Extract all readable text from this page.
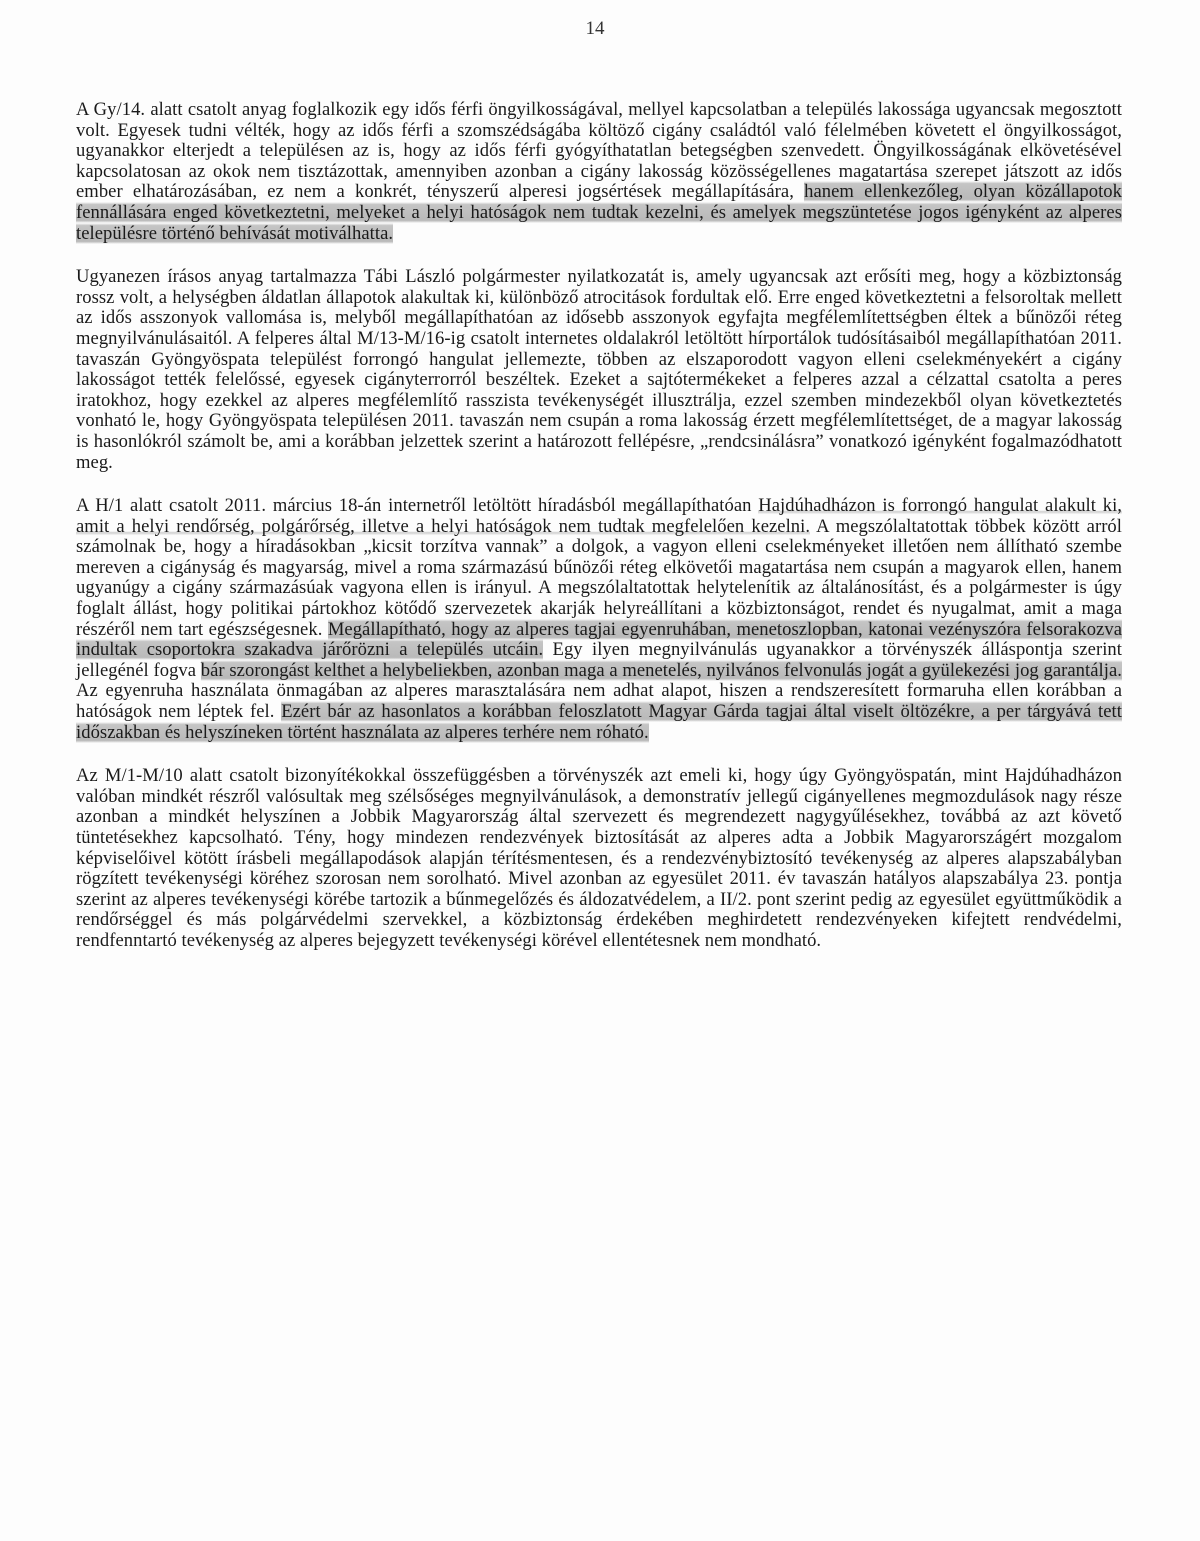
14

A Gy/14. alatt csatolt anyag foglalkozik egy idős férfi öngyilkosságával, mellyel kapcsolatban a település lakossága ugyancsak megosztott volt. Egyesek tudni vélték, hogy az idős férfi a szomszédságába költöző cigány családtól való félelmében követett el öngyilkosságot, ugyanakkor elterjedt a településen az is, hogy az idős férfi gyógyíthatatlan betegségben szenvedett. Öngyilkosságának elkövetésével kapcsolatosan az okok nem tisztázottak, amennyiben azonban a cigány lakosság közösségellenes magatartása szerepet játszott az idős ember elhatározásában, ez nem a konkrét, tényszerű alperesi jogsértések megállapítására, hanem ellenkezőleg, olyan közállapotok fennállására enged következtetni, melyeket a helyi hatóságok nem tudtak kezelni, és amelyek megszüntetése jogos igényként az alperes településre történő behívását motiválhatta.

Ugyanezen írásos anyag tartalmazza Tábi László polgármester nyilatkozatát is, amely ugyancsak azt erősíti meg, hogy a közbiztonság rossz volt, a helységben áldatlan állapotok alakultak ki, különböző atrocitások fordultak elő. Erre enged következtetni a felsoroltak mellett az idős asszonyok vallomása is, melyből megállapíthatóan az idősebb asszonyok egyfajta megfélemlítettségben éltek a bűnözői réteg megnyilvánulásaitól. A felperes által M/13-M/16-ig csatolt internetes oldalakról letöltött hírportálok tudósításaiból megállapíthatóan 2011. tavaszán Gyöngyöspata települést forrongó hangulat jellemezte, többen az elszaporodott vagyon elleni cselekményekért a cigány lakosságot tették felelőssé, egyesek cigányterrorról beszéltek. Ezeket a sajtótermékeket a felperes azzal a célzattal csatolta a peres iratokhoz, hogy ezekkel az alperes megfélemlítő rasszista tevékenységét illusztrálja, ezzel szemben mindezekből olyan következtetés vonható le, hogy Gyöngyöspata településen 2011. tavaszán nem csupán a roma lakosság érzett megfélemlítettséget, de a magyar lakosság is hasonlókról számolt be, ami a korábban jelzettek szerint a határozott fellépésre, „rendcsinálásra” vonatkozó igényként fogalmazódhatott meg.

A H/1 alatt csatolt 2011. március 18-án internetről letöltött híradásból megállapíthatóan Hajdúhadházon is forrongó hangulat alakult ki, amit a helyi rendőrség, polgárőrség, illetve a helyi hatóságok nem tudtak megfelelően kezelni. A megszólaltatottak többek között arról számolnak be, hogy a híradásokban „kicsit torzítva vannak” a dolgok, a vagyon elleni cselekményeket illetően nem állítható szembe mereven a cigányság és magyarság, mivel a roma származású bűnözői réteg elkövetői magatartása nem csupán a magyarok ellen, hanem ugyanúgy a cigány származásúak vagyona ellen is irányul. A megszólaltatottak helytelenítik az általánosítást, és a polgármester is úgy foglalt állást, hogy politikai pártokhoz kötődő szervezetek akarják helyreállítani a közbiztonságot, rendet és nyugalmat, amit a maga részéről nem tart egészségesnek. Megállapítható, hogy az alperes tagjai egyenruhában, menetoszlopban, katonai vezényszóra felsorakozva indultak csoportokra szakadva járőrözni a település utcáin. Egy ilyen megnyilvánulás ugyanakkor a törvényszék álláspontja szerint jellegénél fogva bár szorongást kelthet a helybeliekben, azonban maga a menetelés, nyilvános felvonulás jogát a gyülekezési jog garantálja. Az egyenruha használata önmagában az alperes marasztalására nem adhat alapot, hiszen a rendszeresített formaruha ellen korábban a hatóságok nem léptek fel. Ezért bár az hasonlatos a korábban feloszlatott Magyar Gárda tagjai által viselt öltözékre, a per tárgyává tett időszakban és helyszíneken történt használata az alperes terhére nem róható.

Az M/1-M/10 alatt csatolt bizonyítékokkal összefüggésben a törvényszék azt emeli ki, hogy úgy Gyöngyöspatán, mint Hajdúhadházon valóban mindkét részről valósultak meg szélsőséges megnyilvánulások, a demonstratív jellegű cigányellenes megmozdulások nagy része azonban a mindkét helyszínen a Jobbik Magyarország által szervezett és megrendezett nagygyűlésekhez, továbbá az azt követő tüntetésekhez kapcsolható. Tény, hogy mindezen rendezvények biztosítását az alperes adta a Jobbik Magyarországért mozgalom képviselőivel kötött írásbeli megállapodások alapján térítésmentesen, és a rendezvénybiztosító tevékenység az alperes alapszabályban rögzített tevékenységi köréhez szorosan nem sorolható. Mivel azonban az egyesület 2011. év tavaszán hatályos alapszabálya 23. pontja szerint az alperes tevékenységi körébe tartozik a bűnmegelőzés és áldozatvédelem, a II/2. pont szerint pedig az egyesület együttműködik a rendőrséggel és más polgárvédelmi szervekkel, a közbiztonság érdekében meghirdetett rendezvényeken kifejtett rendvédelmi, rendfenntartó tevékenység az alperes bejegyzett tevékenységi körével ellentétesnek nem mondható.
